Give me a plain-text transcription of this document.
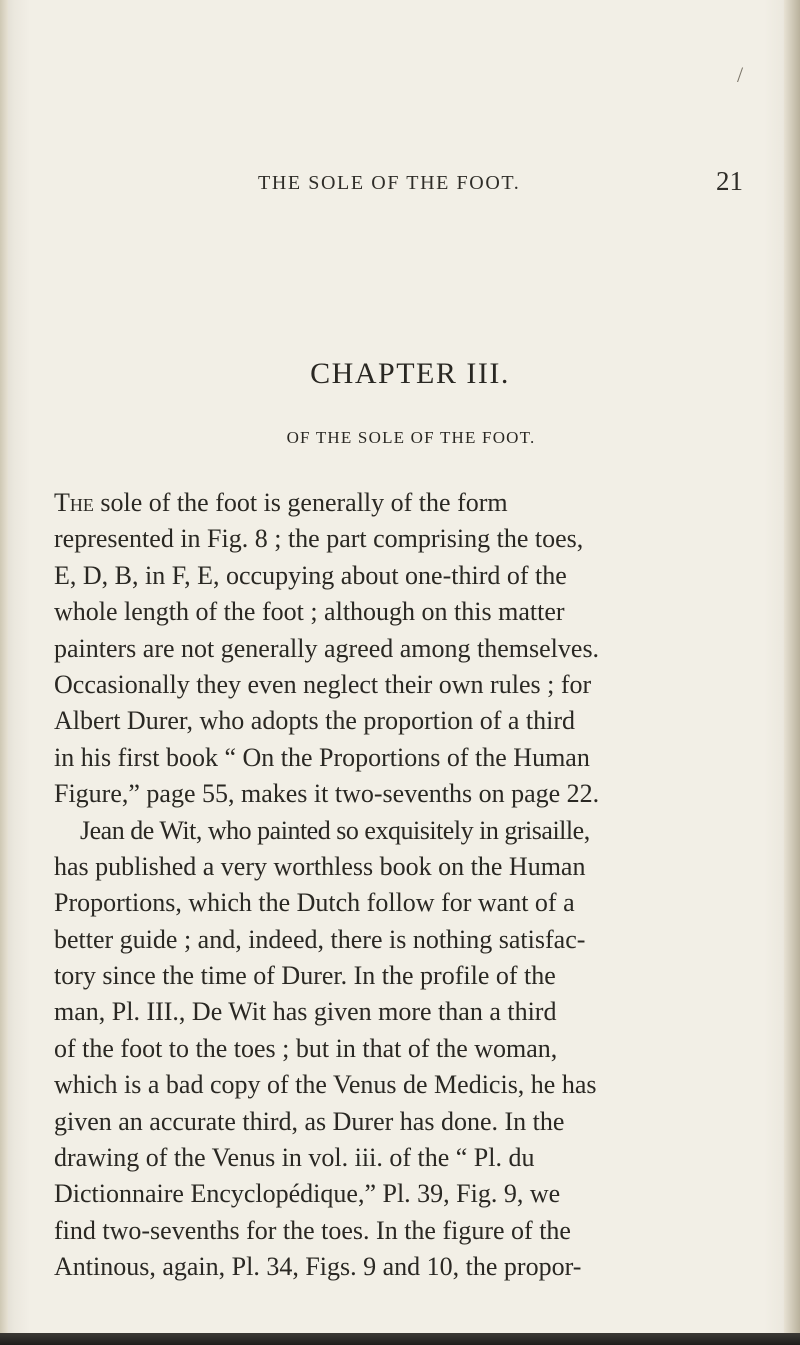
/
THE SOLE OF THE FOOT.	21
CHAPTER III.
OF THE SOLE OF THE FOOT.
The sole of the foot is generally of the form
represented in Fig. 8 ; the part comprising the toes,
E, D, B, in F, E, occupying about one-third of the
whole length of the foot ; although on this matter
painters are not generally agreed among themselves.
Occasionally they even neglect their own rules ; for
Albert Durer, who adopts the proportion of a third
in his first book “ On the Proportions of the Human
Figure,” page 55, makes it two-sevenths on page 22.
Jean de Wit, who painted so exquisitely in grisaille,
has published a very worthless book on the Human
Proportions, which the Dutch follow for want of a
better guide ; and, indeed, there is nothing satisfac-
tory since the time of Durer. In the profile of the
man, Pl. III., De Wit has given more than a third
of the foot to the toes ; but in that of the woman,
which is a bad copy of the Venus de Medicis, he has
given an accurate third, as Durer has done. In the
drawing of the Venus in vol. iii. of the “ Pl. du
Dictionnaire Encyclopédique,” Pl. 39, Fig. 9, we
find two-sevenths for the toes. In the figure of the
Antinous, again, Pl. 34, Figs. 9 and 10, the propor-
